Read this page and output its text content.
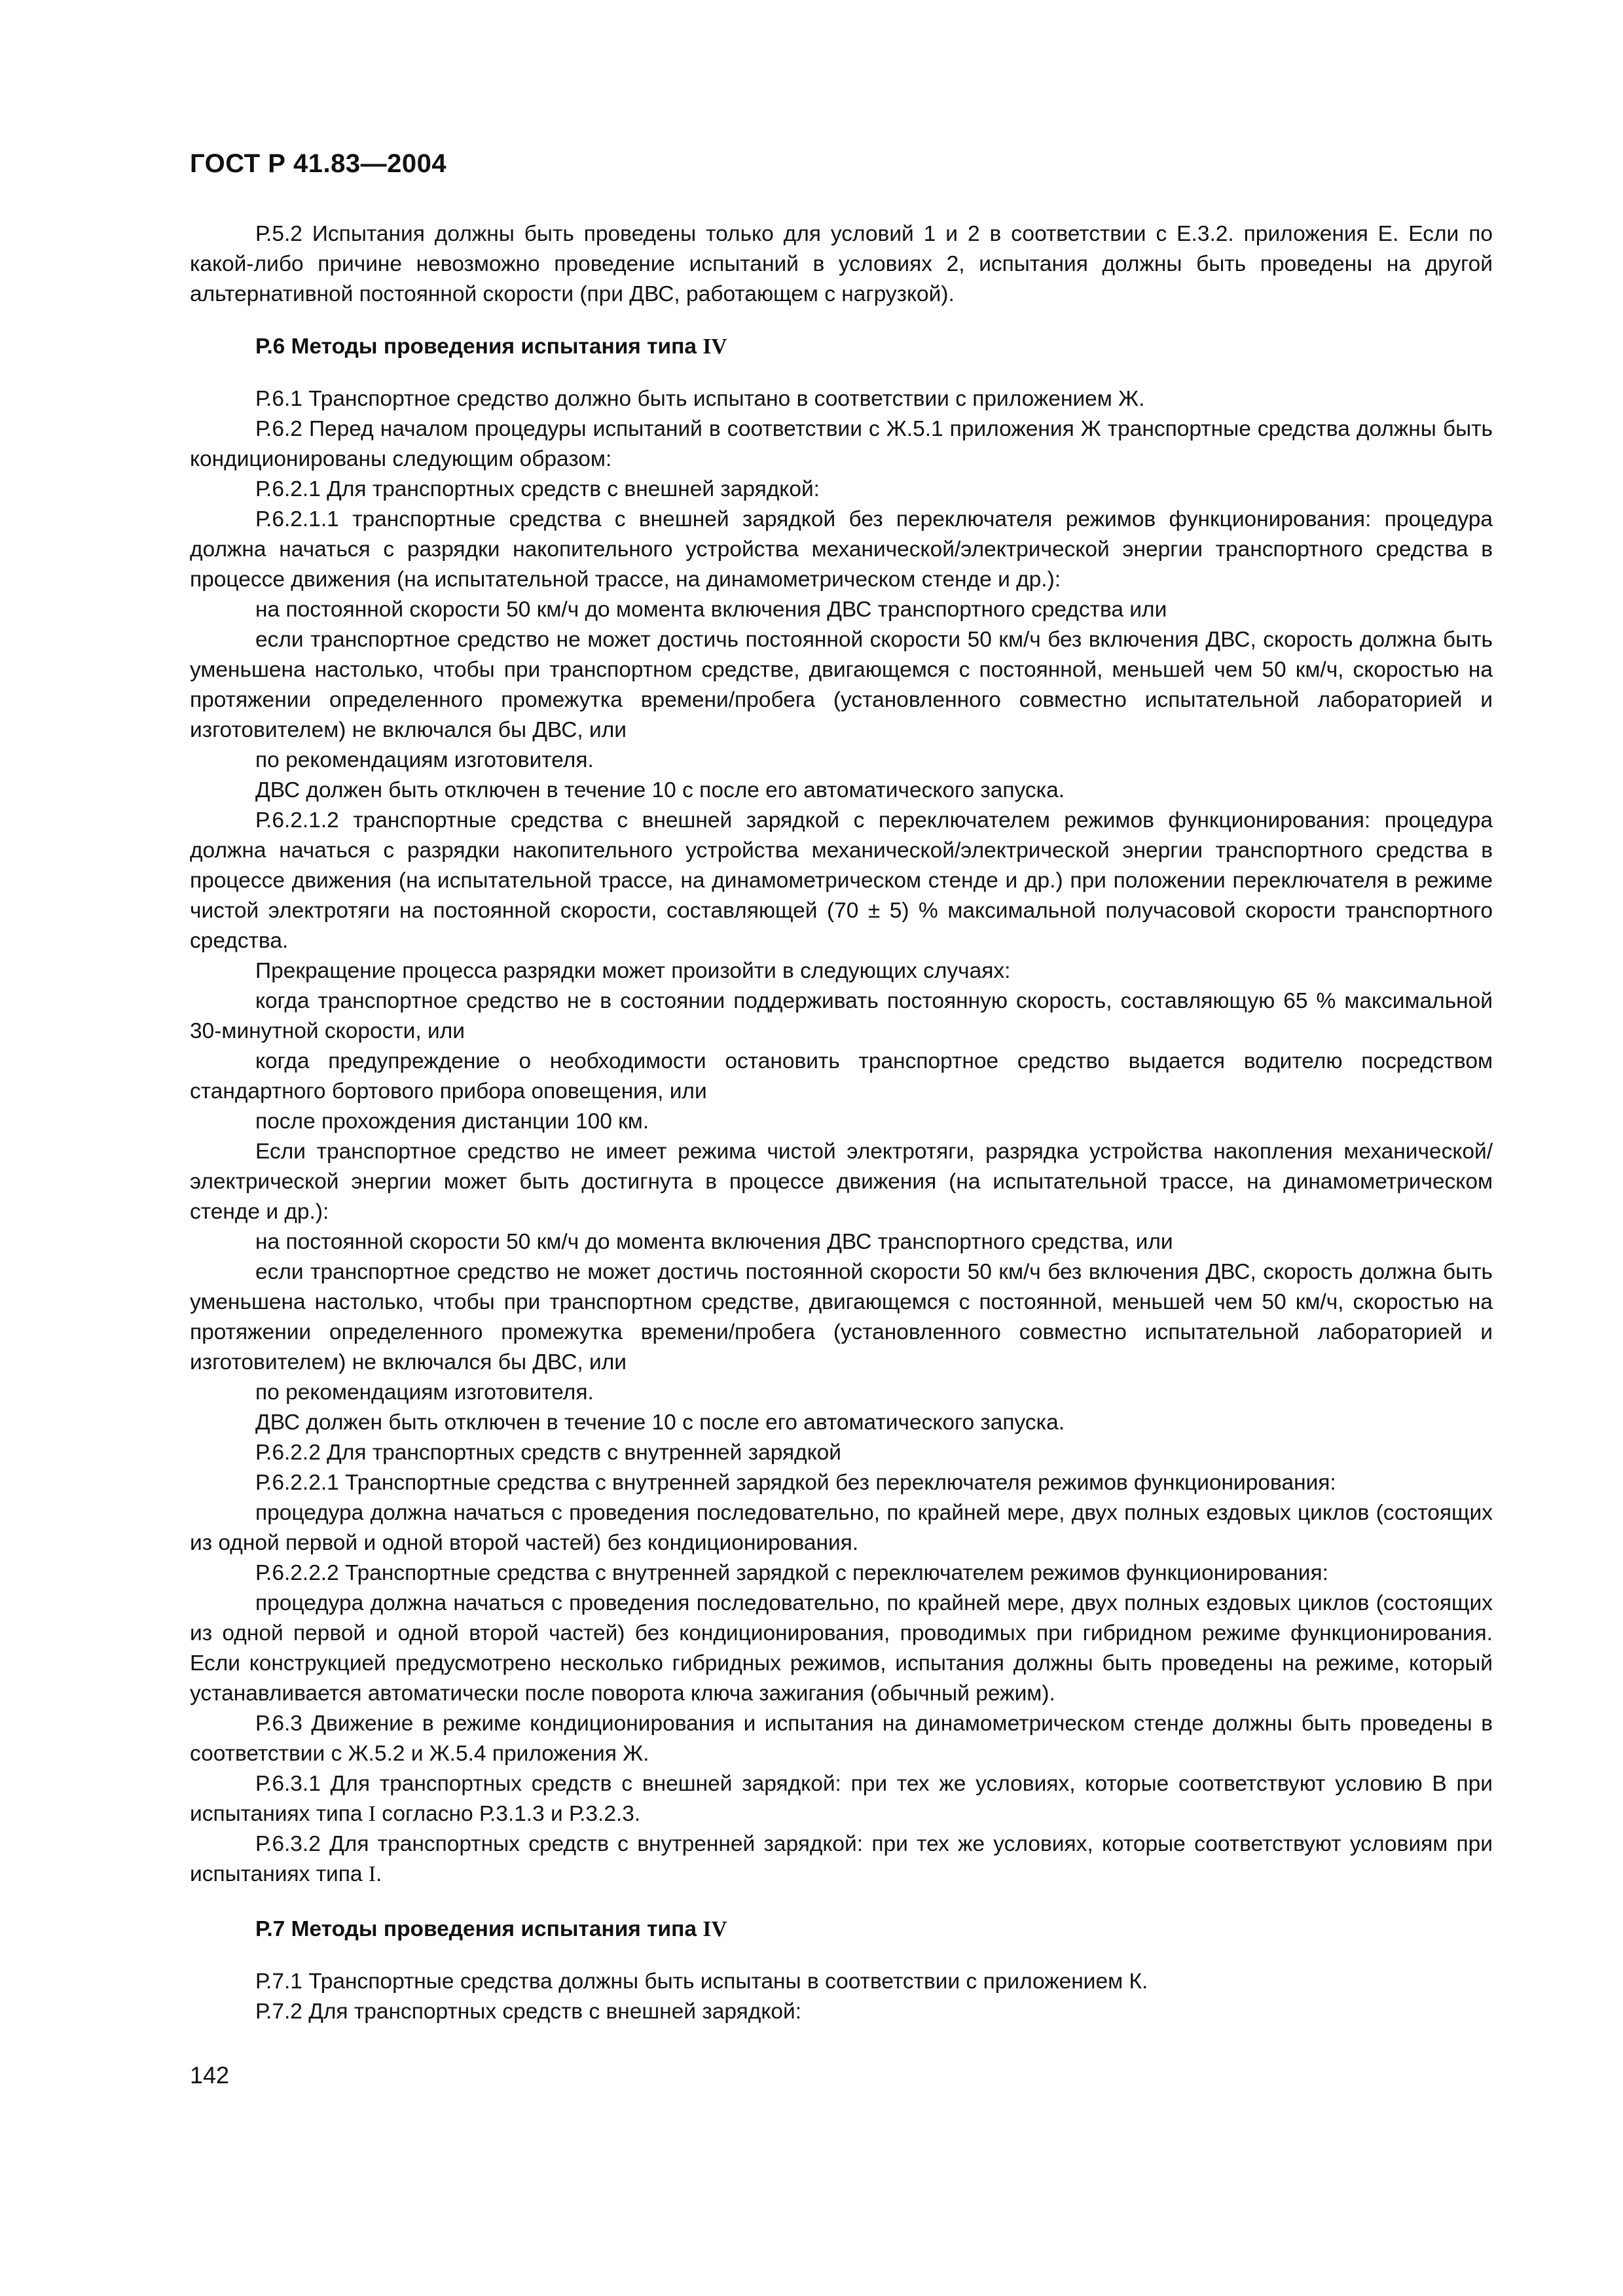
ГОСТ Р 41.83—2004

Р.5.2 Испытания должны быть проведены только для условий 1 и 2 в соответствии с Е.3.2. приложения Е. Если по какой-либо причине невозможно проведение испытаний в условиях 2, испытания должны быть проведены на другой альтернативной постоянной скорости (при ДВС, работающем с нагрузкой).

Р.6 Методы проведения испытания типа IV

Р.6.1 Транспортное средство должно быть испытано в соответствии с приложением Ж.

Р.6.2 Перед началом процедуры испытаний в соответствии с Ж.5.1 приложения Ж транспортные средства должны быть кондиционированы следующим образом:

Р.6.2.1 Для транспортных средств с внешней зарядкой:

Р.6.2.1.1 транспортные средства с внешней зарядкой без переключателя режимов функционирования: процедура должна начаться с разрядки накопительного устройства механической/электрической энергии транспортного средства в процессе движения (на испытательной трассе, на динамометрическом стенде и др.):

на постоянной скорости 50 км/ч до момента включения ДВС транспортного средства или

если транспортное средство не может достичь постоянной скорости 50 км/ч без включения ДВС, скорость должна быть уменьшена настолько, чтобы при транспортном средстве, двигающемся с постоянной, меньшей чем 50 км/ч, скоростью на протяжении определенного промежутка времени/пробега (установленного совместно испытательной лабораторией и изготовителем) не включался бы ДВС, или

по рекомендациям изготовителя.

ДВС должен быть отключен в течение 10 с после его автоматического запуска.

Р.6.2.1.2 транспортные средства с внешней зарядкой с переключателем режимов функционирования: процедура должна начаться с разрядки накопительного устройства механической/электрической энергии транспортного средства в процессе движения (на испытательной трассе, на динамометрическом стенде и др.) при положении переключателя в режиме чистой электротяги на постоянной скорости, составляющей (70 ± 5) % максимальной получасовой скорости транспортного средства.

Прекращение процесса разрядки может произойти в следующих случаях:

когда транспортное средство не в состоянии поддерживать постоянную скорость, составляющую 65 % максимальной 30-минутной скорости, или

когда предупреждение о необходимости остановить транспортное средство выдается водителю посредством стандартного бортового прибора оповещения, или

после прохождения дистанции 100 км.

Если транспортное средство не имеет режима чистой электротяги, разрядка устройства накопления механической/электрической энергии может быть достигнута в процессе движения (на испытательной трассе, на динамометрическом стенде и др.):

на постоянной скорости 50 км/ч до момента включения ДВС транспортного средства, или

если транспортное средство не может достичь постоянной скорости 50 км/ч без включения ДВС, скорость должна быть уменьшена настолько, чтобы при транспортном средстве, двигающемся с постоянной, меньшей чем 50 км/ч, скоростью на протяжении определенного промежутка времени/пробега (установленного совместно испытательной лабораторией и изготовителем) не включался бы ДВС, или

по рекомендациям изготовителя.

ДВС должен быть отключен в течение 10 с после его автоматического запуска.

Р.6.2.2 Для транспортных средств с внутренней зарядкой

Р.6.2.2.1 Транспортные средства с внутренней зарядкой без переключателя режимов функционирования:

процедура должна начаться с проведения последовательно, по крайней мере, двух полных ездовых циклов (состоящих из одной первой и одной второй частей) без кондиционирования.

Р.6.2.2.2 Транспортные средства с внутренней зарядкой с переключателем режимов функционирования:

процедура должна начаться с проведения последовательно, по крайней мере, двух полных ездовых циклов (состоящих из одной первой и одной второй частей) без кондиционирования, проводимых при гибридном режиме функционирования. Если конструкцией предусмотрено несколько гибридных режимов, испытания должны быть проведены на режиме, который устанавливается автоматически после поворота ключа зажигания (обычный режим).

Р.6.3 Движение в режиме кондиционирования и испытания на динамометрическом стенде должны быть проведены в соответствии с Ж.5.2 и Ж.5.4 приложения Ж.

Р.6.3.1 Для транспортных средств с внешней зарядкой: при тех же условиях, которые соответствуют условию В при испытаниях типа I согласно Р.3.1.3 и Р.3.2.3.

Р.6.3.2 Для транспортных средств с внутренней зарядкой: при тех же условиях, которые соответствуют условиям при испытаниях типа I.

Р.7 Методы проведения испытания типа IV

Р.7.1 Транспортные средства должны быть испытаны в соответствии с приложением К.

Р.7.2 Для транспортных средств с внешней зарядкой:

142
